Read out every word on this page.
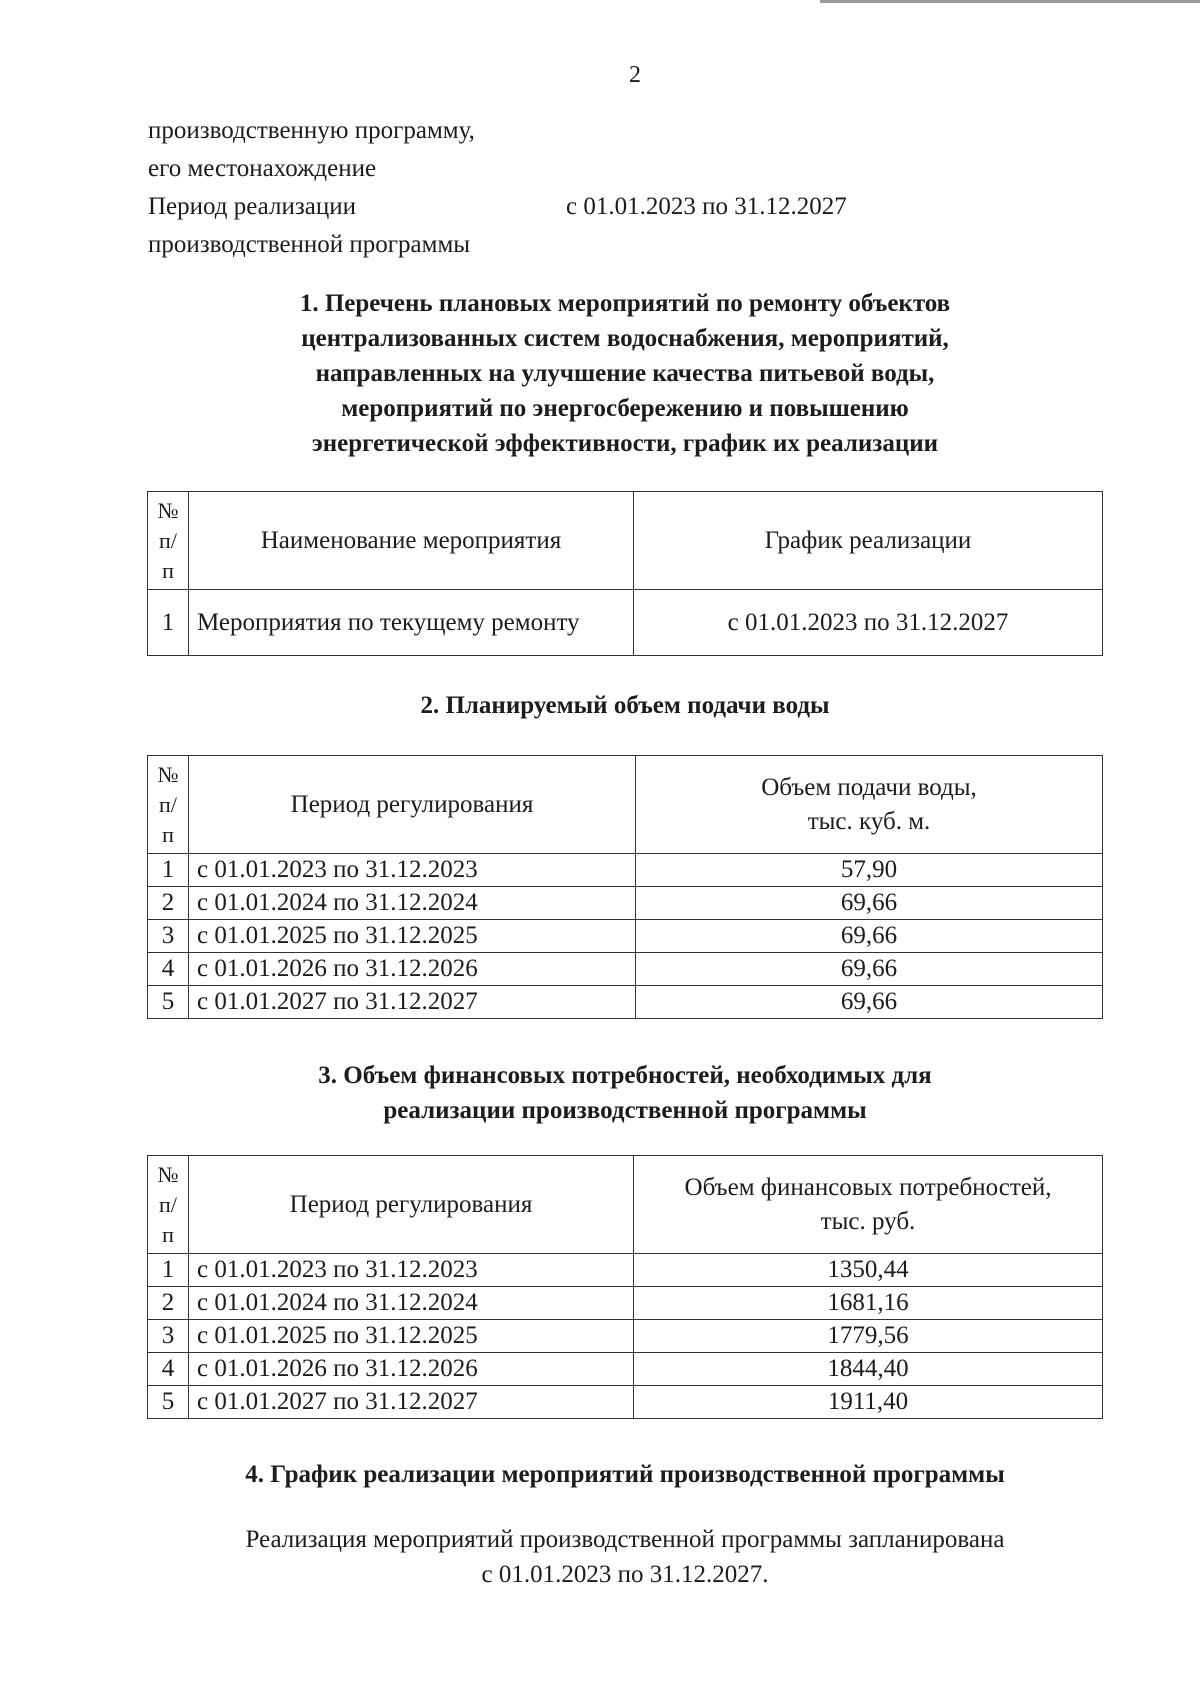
2
производственную программу,
его местонахождение
Период реализации	с 01.01.2023 по 31.12.2027
производственной программы
1. Перечень плановых мероприятий по ремонту объектов
централизованных систем водоснабжения, мероприятий,
направленных на улучшение качества питьевой воды,
мероприятий по энергосбережению и повышению
энергетической эффективности, график их реализации
№
п/
п	Наименование мероприятия	График реализации
1	Мероприятия по текущему ремонту	с 01.01.2023 по 31.12.2027
2. Планируемый объем подачи воды
№
п/
п	Период регулирования	Объем подачи воды,
тыс. куб. м.

1	с 01.01.2023 по 31.12.2023	57,90
2	с 01.01.2024 по 31.12.2024	69,66
3	с 01.01.2025 по 31.12.2025	69,66
4	с 01.01.2026 по 31.12.2026	69,66
5	с 01.01.2027 по 31.12.2027	69,66
3. Объем финансовых потребностей, необходимых для
реализации производственной программы
№
п/
п	Период регулирования	Объем финансовых потребностей,
тыс. руб.

1	с 01.01.2023 по 31.12.2023	1350,44
2	с 01.01.2024 по 31.12.2024	1681,16
3	с 01.01.2025 по 31.12.2025	1779,56
4	с 01.01.2026 по 31.12.2026	1844,40
5	с 01.01.2027 по 31.12.2027	1911,40
4. График реализации мероприятий производственной программы
Реализация мероприятий производственной программы запланирована
с 01.01.2023 по 31.12.2027.
